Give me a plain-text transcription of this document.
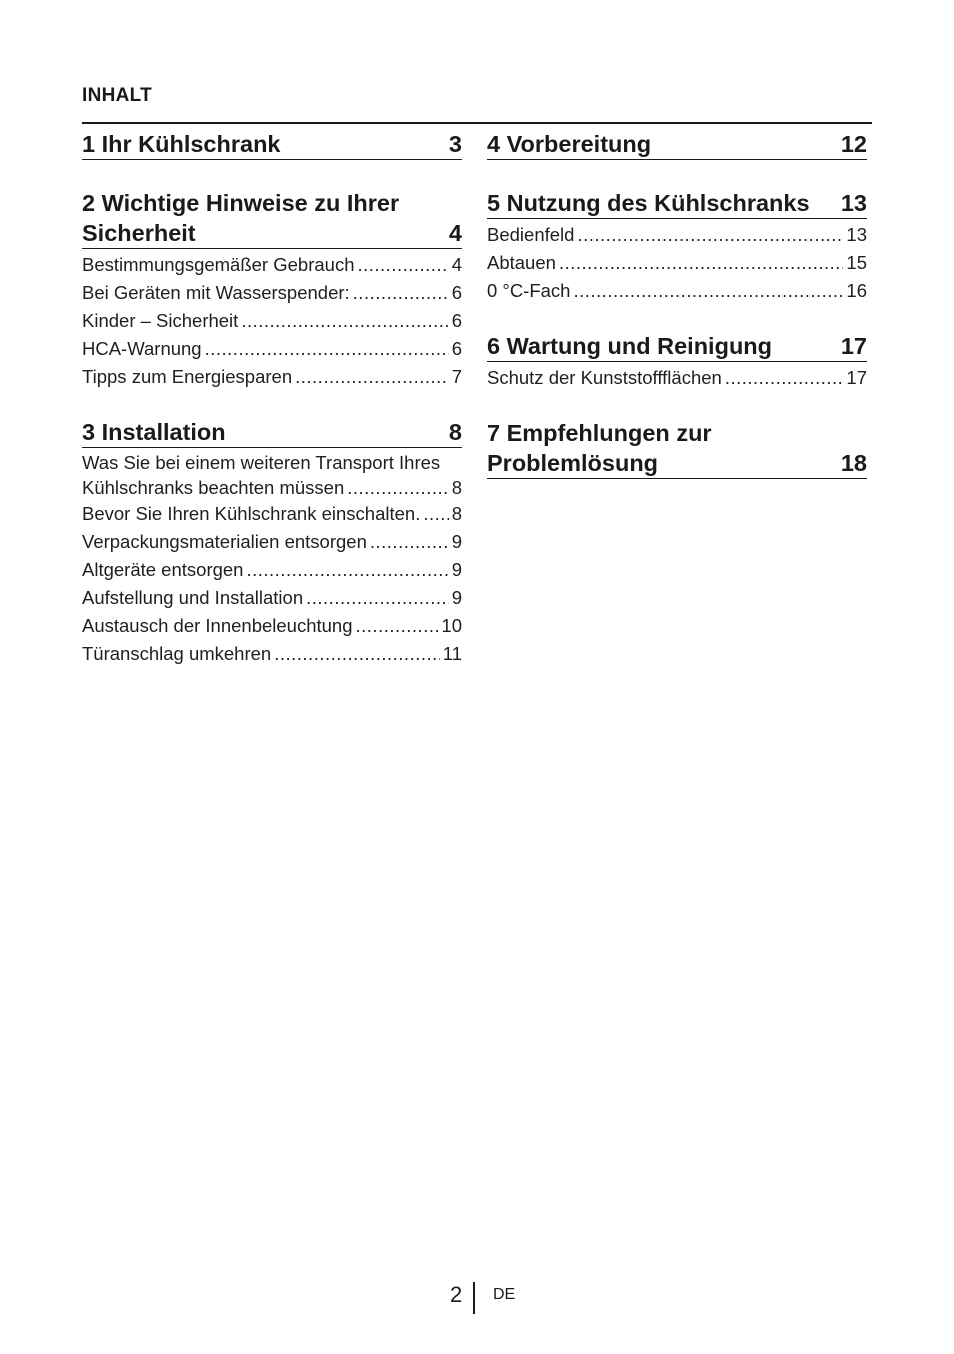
INHALT
1 Ihr Kühlschrank	3
2 Wichtige Hinweise zu Ihrer Sicherheit	4
Bestimmungsgemäßer Gebrauch .....	4
Bei Geräten mit Wasserspender: .....	6
Kinder – Sicherheit .....	6
HCA-Warnung .....	6
Tipps zum Energiesparen .....	7
3 Installation	8
Was Sie bei einem weiteren Transport Ihres
Kühlschranks beachten müssen .....	8
Bevor Sie Ihren Kühlschrank einschalten. ..... 8
Verpackungsmaterialien entsorgen .....	9
Altgeräte entsorgen .....	9
Aufstellung und Installation .....	9
Austausch der Innenbeleuchtung .....	10
Türanschlag umkehren .....	11
4 Vorbereitung	12
5 Nutzung des Kühlschranks	13
Bedienfeld .....	13
Abtauen .....	15
0 °C-Fach .....	16
6 Wartung und Reinigung	17
Schutz der Kunststoffflächen .....	17
7 Empfehlungen zur Problemlösung	18
2 DE
